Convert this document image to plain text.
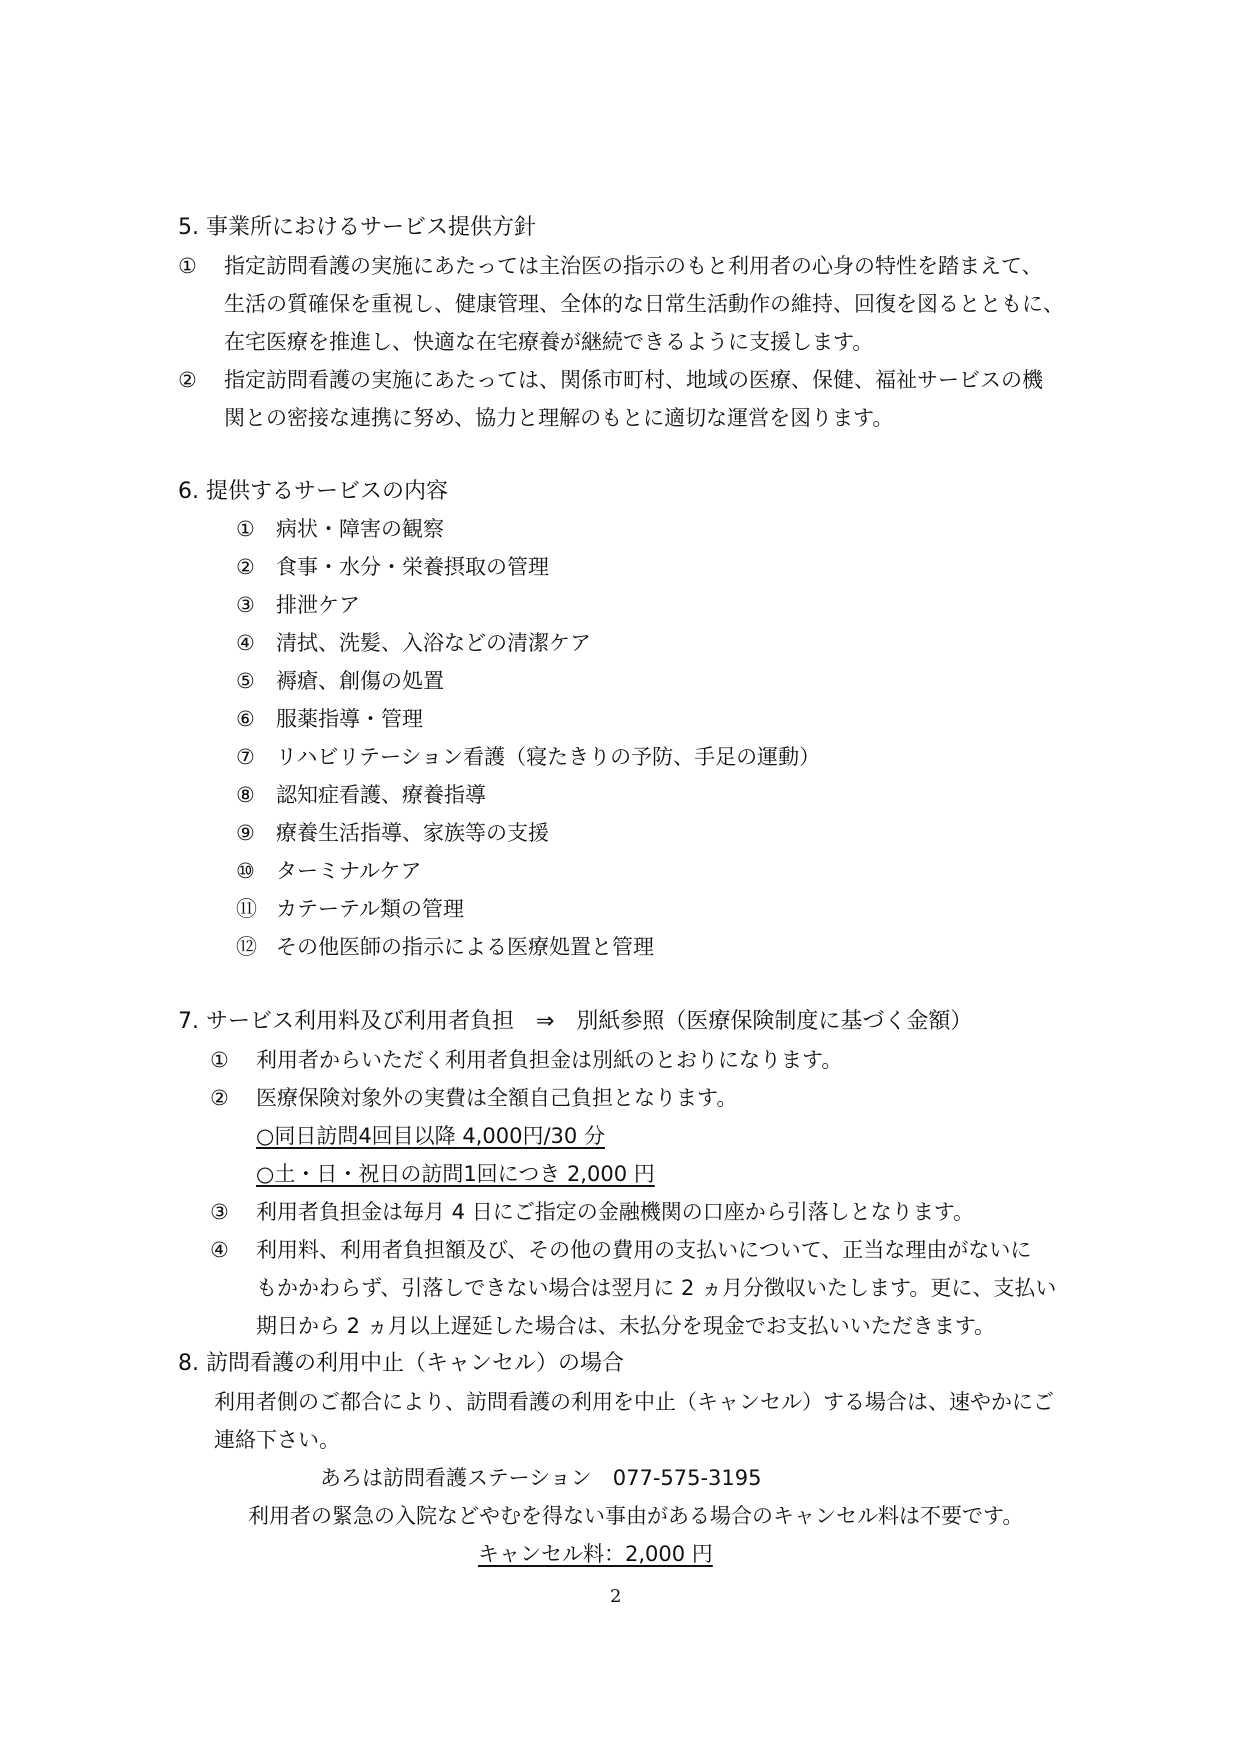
5. 事業所におけるサービス提供方針
① 指定訪問看護の実施にあたっては主治医の指示のもと利用者の心身の特性を踏まえて、
生活の質確保を重視し、健康管理、全体的な日常生活動作の維持、回復を図るとともに、
在宅医療を推進し、快適な在宅療養が継続できるように支援します。
② 指定訪問看護の実施にあたっては、関係市町村、地域の医療、保健、福祉サービスの機
関との密接な連携に努め、協力と理解のもとに適切な運営を図ります。
6. 提供するサービスの内容
① 病状・障害の観察
② 食事・水分・栄養摂取の管理
③ 排泄ケア
④ 清拭、洗髪、入浴などの清潔ケア
⑤ 褥瘡、創傷の処置
⑥ 服薬指導・管理
⑦ リハビリテーション看護（寝たきりの予防、手足の運動）
⑧ 認知症看護、療養指導
⑨ 療養生活指導、家族等の支援
⑩ ターミナルケア
⑪ カテーテル類の管理
⑫ その他医師の指示による医療処置と管理
7. サービス利用料及び利用者負担　⇒　別紙参照（医療保険制度に基づく金額）
① 利用者からいただく利用者負担金は別紙のとおりになります。
② 医療保険対象外の実費は全額自己負担となります。
○同日訪問4回目以降 4,000円/30 分
○土・日・祝日の訪問1回につき 2,000 円
③ 利用者負担金は毎月 4 日にご指定の金融機関の口座から引落しとなります。
④ 利用料、利用者負担額及び、その他の費用の支払いについて、正当な理由がないに
もかかわらず、引落しできない場合は翌月に 2 ヵ月分徴収いたします。更に、支払い
期日から 2 ヵ月以上遅延した場合は、未払分を現金でお支払いいただきます。
8. 訪問看護の利用中止（キャンセル）の場合
利用者側のご都合により、訪問看護の利用を中止（キャンセル）する場合は、速やかにご
連絡下さい。
あろは訪問看護ステーション　077-575-3195
利用者の緊急の入院などやむを得ない事由がある場合のキャンセル料は不要です。
キャンセル料：2,000 円
2
